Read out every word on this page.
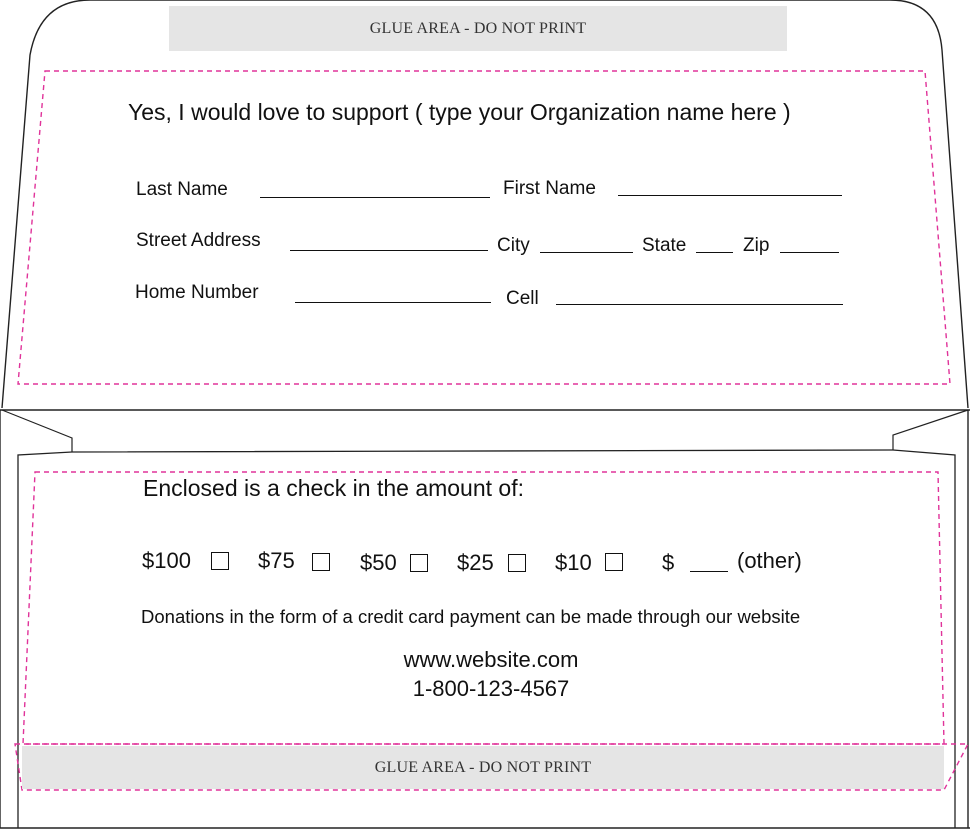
GLUE AREA - DO NOT PRINT
Yes, I would love to support ( type your Organization name here )
Last Name	First Name
Street Address	City	State	Zip
Home Number	Cell
Enclosed is a check in the amount of:
$100	$75	$50	$25	$10	$	(other)
Donations in the form of a credit card payment can be made through our website
www.website.com
1-800-123-4567
GLUE AREA - DO NOT PRINT
